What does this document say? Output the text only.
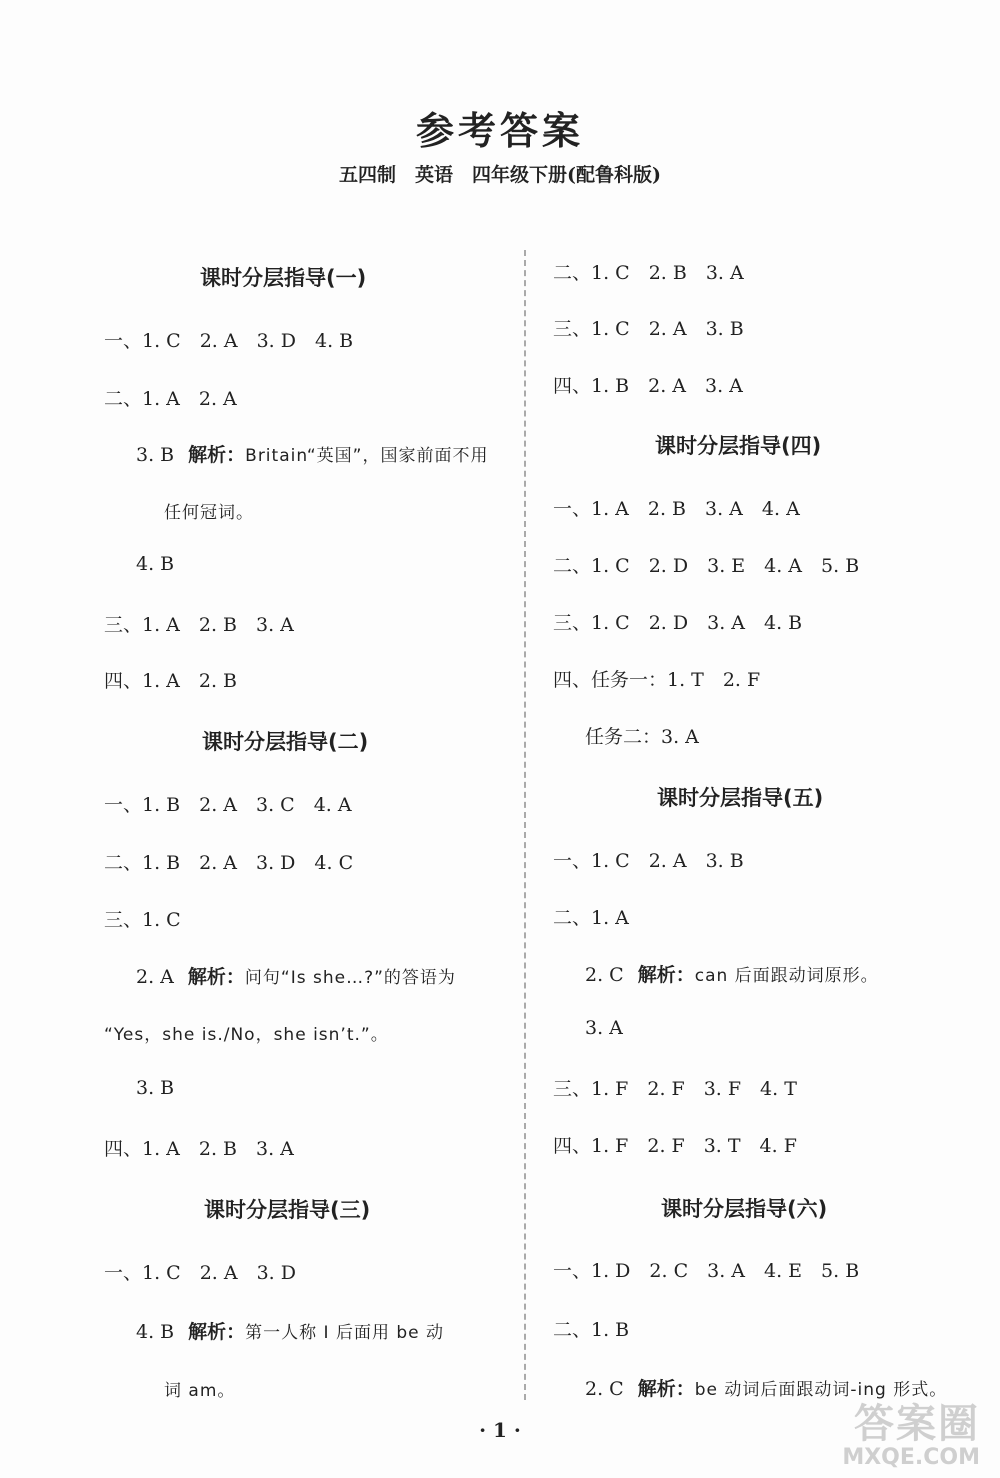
参考答案
五四制　英语　四年级下册(配鲁科版)
课时分层指导(一)
一、1. C　2. A　3. D　4. B
二、1. A　2. A
3. B 解析：Britain“英国”，国家前面不用
任何冠词。
4. B
三、1. A　2. B　3. A
四、1. A　2. B
课时分层指导(二)
一、1. B　2. A　3. C　4. A
二、1. B　2. A　3. D　4. C
三、1. C
2. A 解析：问句“Is she…?”的答语为
“Yes，she is./No，she isn’t.”。
3. B
四、1. A　2. B　3. A
课时分层指导(三)
一、1. C　2. A　3. D
4. B 解析：第一人称 I 后面用 be 动
词 am。
二、1. C　2. B　3. A
三、1. C　2. A　3. B
四、1. B　2. A　3. A
课时分层指导(四)
一、1. A　2. B　3. A　4. A
二、1. C　2. D　3. E　4. A　5. B
三、1. C　2. D　3. A　4. B
四、任务一：1. T　2. F
任务二：3. A
课时分层指导(五)
一、1. C　2. A　3. B
二、1. A
2. C 解析：can 后面跟动词原形。
3. A
三、1. F　2. F　3. F　4. T
四、1. F　2. F　3. T　4. F
课时分层指导(六)
一、1. D　2. C　3. A　4. E　5. B
二、1. B
2. C 解析：be 动词后面跟动词-ing 形式。
· 1 ·	答案圈
MXQE.COM
